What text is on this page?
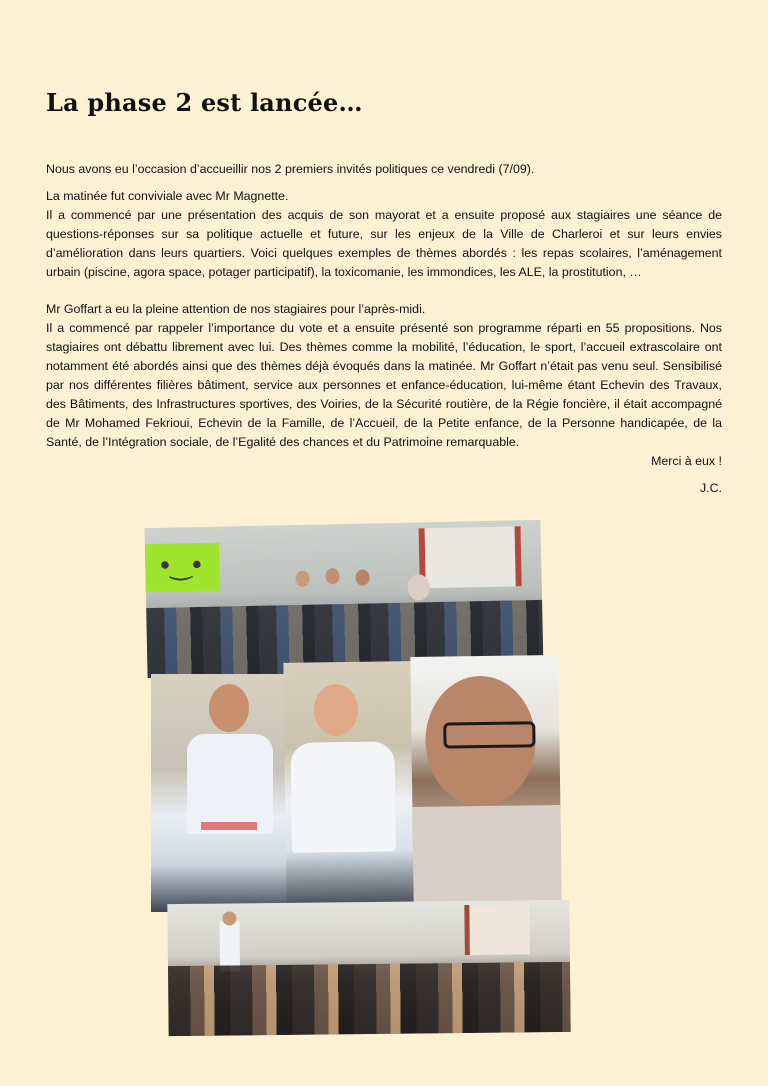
La phase 2 est lancée…

Nous avons eu l’occasion d’accueillir nos 2 premiers invités politiques ce vendredi (7/09).

La matinée fut conviviale avec Mr Magnette.

Il a commencé par une présentation des acquis de son mayorat et a ensuite proposé aux stagiaires une séance de questions-réponses sur sa politique actuelle et future, sur les enjeux de la Ville de Charleroi et sur leurs envies d’amélioration dans leurs quartiers. Voici quelques exemples de thèmes abordés : les repas scolaires, l’aménagement urbain (piscine, agora space, potager participatif), la toxicomanie, les immondices, les ALE, la prostitution, …

Mr Goffart a eu la pleine attention de nos stagiaires pour l’après-midi.

Il a commencé par rappeler l’importance du vote et a ensuite présenté son programme réparti en 55 propositions. Nos stagiaires ont débattu librement avec lui. Des thèmes comme la mobilité, l’éducation, le sport, l’accueil extrascolaire ont notamment été abordés ainsi que des thèmes déjà évoqués dans la matinée. Mr Goffart n’était pas venu seul. Sensibilisé par nos différentes filières bâtiment, service aux personnes et enfance-éducation, lui-même étant Echevin des Travaux, des Bâtiments, des Infrastructures sportives, des Voiries, de la Sécurité routière, de la Régie foncière, il était accompagné de Mr Mohamed Fekrioui, Echevin de la Famille, de l’Accueil, de la Petite enfance, de la Personne handicapée, de la Santé, de l’Intégration sociale, de l’Egalité des chances et du Patrimoine remarquable.

Merci à eux !

J.C.

• ͜ •
